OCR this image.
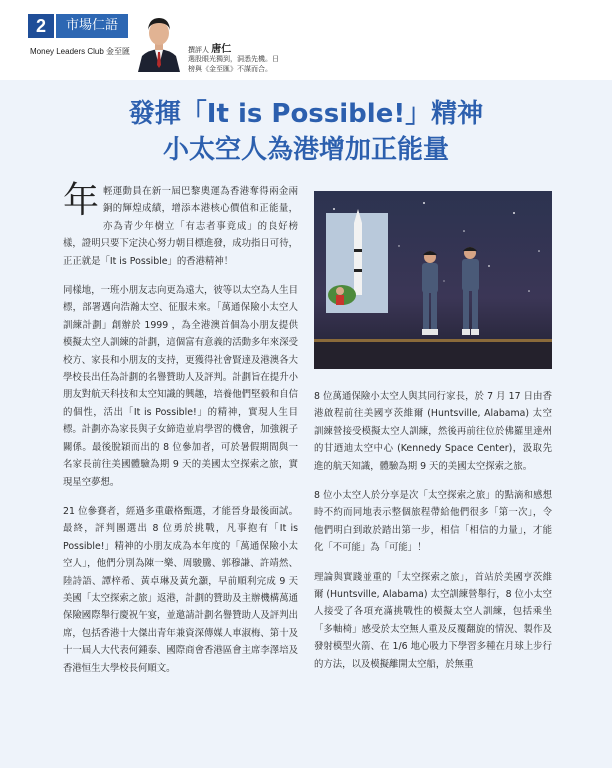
2	市場仁語
Money Leaders Club 金至匯	撰評人 唐仁
選股眼光獨到，洞悉先機。日榜與《金至匯》不謀而合。
發揮「It is Possible!」精神
小太空人為港增加正能量

年輕運動員在新一屆巴黎奧運為香港奪得兩金兩銅的輝煌成績，增添本港核心價值和正能量，亦為青少年樹立「有志者事竟成」的良好榜樣，證明只要下定決心努力朝目標進發，成功指日可待，正正就是「It is Possible」的香港精神！

同樣地，一班小朋友志向更為遠大，彼等以太空為人生目標，部署邁向浩瀚太空、征服未來。「萬通保險小太空人訓練計劃」創辦於 1999 ，為全港澳首個為小朋友提供模擬太空人訓練的計劃，這個富有意義的活動多年來深受校方、家長和小朋友的支持，更獲得社會賢達及港澳各大學校長出任為計劃的名譽贊助人及評判。計劃旨在提升小朋友對航天科技和太空知識的興趣，培養他們堅毅和自信的個性，活出「It is Possible!」的精神，實現人生目標。計劃亦為家長與子女締造並肩學習的機會，加強親子關係。最後脫穎而出的 8 位參加者，可於暑假期間與一名家長前往美國體驗為期 9 天的美國太空探索之旅，實現星空夢想。

21 位參賽者，經過多重嚴格甄選，才能晉身最後面試。最終，評判團選出 8 位勇於挑戰，凡事抱有「It is Possible!」精神的小朋友成為本年度的「萬通保險小太空人」，他們分別為陳一樂、周駿騰、郭穆謙、許靖然、陸詩語、譚梓希、黃卓琳及黃允灝，早前順利完成 9 天美國「太空探索之旅」返港，計劃的贊助及主辦機構萬通保險國際舉行慶祝午宴，並邀請計劃名譽贊助人及評判出席，包括香港十大傑出青年兼資深傳媒人車淑梅、第十及十一屆人大代表何鍾泰、國際商會香港區會主席李澤培及香港恒生大學校長何順文。

8 位萬通保險小太空人與其同行家長，於 7 月 17 日由香港啟程前往美國亨茨維爾 (Huntsville, Alabama) 太空訓練營接受模擬太空人訓練，然後再前往位於佛羅里達州的甘迺迪太空中心 (Kennedy Space Center)，汲取先進的航天知識，體驗為期 9 天的美國太空探索之旅。

8 位小太空人於分享是次「太空探索之旅」的點滴和感想時不約而同地表示整個旅程帶給他們很多「第一次」，令他們明白到敢於踏出第一步，相信「相信的力量」，才能化「不可能」為「可能」！

理論與實踐並重的「太空探索之旅」，首站於美國亨茨維爾 (Huntsville, Alabama) 太空訓練營舉行，8 位小太空人接受了各項充滿挑戰性的模擬太空人訓練，包括乘坐「多軸椅」感受於太空無人重及反覆翻旋的情況、製作及發射模型火箭、在 1/6 地心吸力下學習多種在月球上步行的方法，以及模擬離開太空船，於無重
